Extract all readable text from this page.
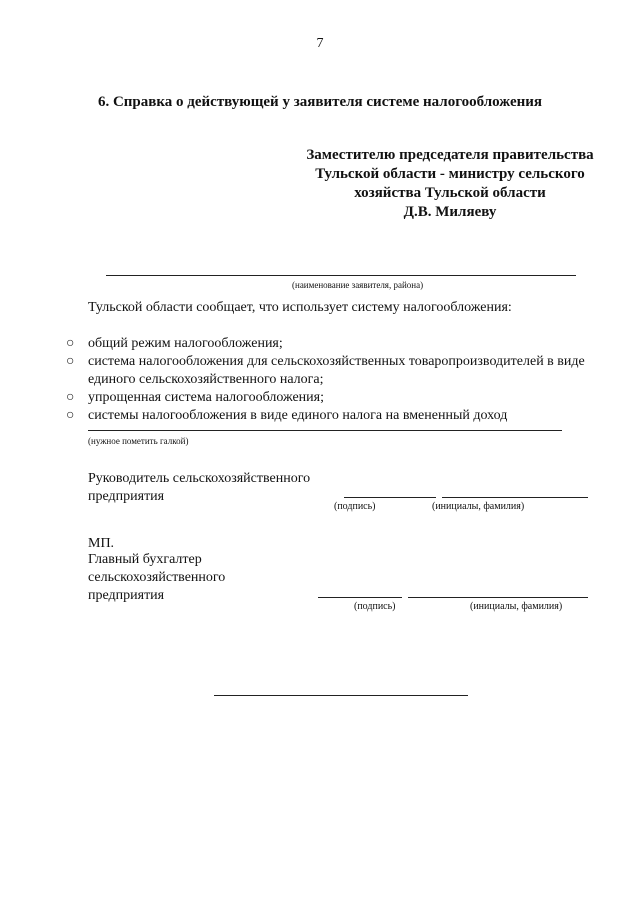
7
6. Справка о действующей у заявителя системе налогообложения
Заместителю председателя правительства
Тульской области - министру сельского
хозяйства Тульской области
Д.В. Миляеву
(наименование заявителя, района)
Тульской области сообщает, что использует систему налогообложения:
○ общий режим налогообложения;
○ система налогообложения для сельскохозяйственных товаропроизводителей в виде единого сельскохозяйственного налога;
○ упрощенная система налогообложения;
○ системы налогообложения в виде единого налога на вмененный доход
(нужное пометить галкой)
Руководитель сельскохозяйственного
предприятия
(подпись)	(инициалы, фамилия)
МП.
Главный бухгалтер
сельскохозяйственного
предприятия
(подпись)	(инициалы, фамилия)
